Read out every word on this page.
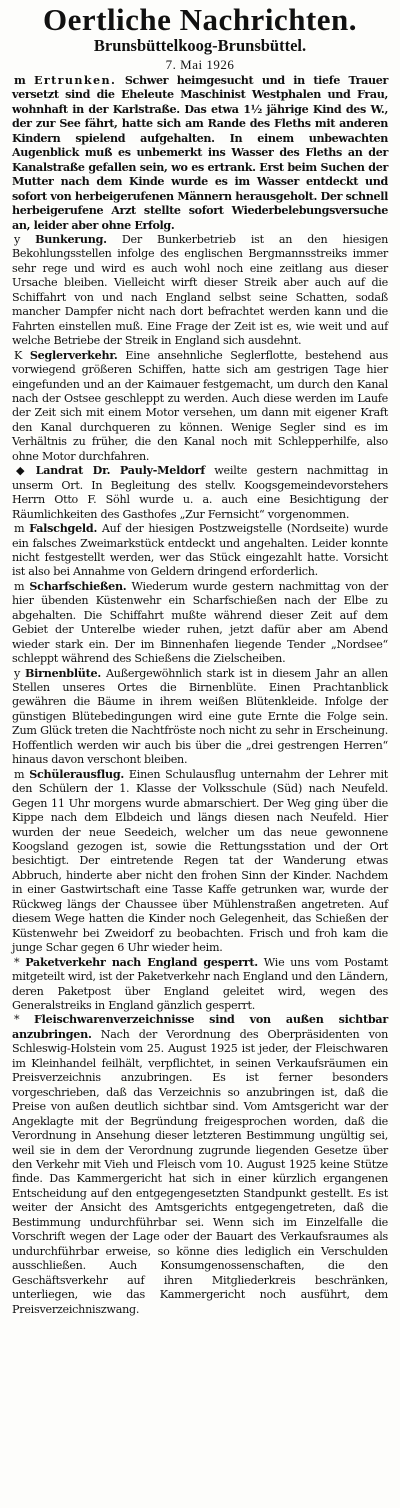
Oertliche Nachrichten.
Brunsbüttelkoog-Brunsbüttel.
7. Mai 1926

m Ertrunken. Schwer heimgesucht und in tiefe Trauer versetzt sind die Eheleute Maschinist Westphalen und Frau, wohnhaft in der Karlstraße. Das etwa 1½ jährige Kind des W., der zur See fährt, hatte sich am Rande des Fleths mit anderen Kindern spielend aufgehalten. In einem unbewachten Augenblick muß es unbemerkt ins Wasser des Fleths an der Kanalstraße gefallen sein, wo es ertrank. Erst beim Suchen der Mutter nach dem Kinde wurde es im Wasser entdeckt und sofort von herbeigerufenen Männern herausgeholt. Der schnell herbeigerufene Arzt stellte sofort Wiederbelebungsversuche an, leider aber ohne Erfolg.

y Bunkerung. Der Bunkerbetrieb ist an den hiesigen Bekohlungsstellen infolge des englischen Bergmannsstreiks immer sehr rege und wird es auch wohl noch eine zeitlang aus dieser Ursache bleiben. Vielleicht wirft dieser Streik aber auch auf die Schiffahrt von und nach England selbst seine Schatten, sodaß mancher Dampfer nicht nach dort befrachtet werden kann und die Fahrten einstellen muß. Eine Frage der Zeit ist es, wie weit und auf welche Betriebe der Streik in England sich ausdehnt.

K Seglerverkehr. Eine ansehnliche Seglerflotte, bestehend aus vorwiegend größeren Schiffen, hatte sich am gestrigen Tage hier eingefunden und an der Kaimauer festgemacht, um durch den Kanal nach der Ostsee geschleppt zu werden. Auch diese werden im Laufe der Zeit sich mit einem Motor versehen, um dann mit eigener Kraft den Kanal durchqueren zu können. Wenige Segler sind es im Verhältnis zu früher, die den Kanal noch mit Schlepperhilfe, also ohne Motor durchfahren.

◆ Landrat Dr. Pauly-Meldorf weilte gestern nachmittag in unserm Ort. In Begleitung des stellv. Koogsgemeindevorstehers Herrn Otto F. Söhl wurde u. a. auch eine Besichtigung der Räumlichkeiten des Gasthofes „Zur Fernsicht“ vorgenommen.

m Falschgeld. Auf der hiesigen Postzweigstelle (Nordseite) wurde ein falsches Zweimarkstück entdeckt und angehalten. Leider konnte nicht festgestellt werden, wer das Stück eingezahlt hatte. Vorsicht ist also bei Annahme von Geldern dringend erforderlich.

m Scharfschießen. Wiederum wurde gestern nachmittag von der hier übenden Küstenwehr ein Scharfschießen nach der Elbe zu abgehalten. Die Schiffahrt mußte während dieser Zeit auf dem Gebiet der Unterelbe wieder ruhen, jetzt dafür aber am Abend wieder stark ein. Der im Binnenhafen liegende Tender „Nordsee“ schleppt während des Schießens die Zielscheiben.

y Birnenblüte. Außergewöhnlich stark ist in diesem Jahr an allen Stellen unseres Ortes die Birnenblüte. Einen Prachtanblick gewähren die Bäume in ihrem weißen Blütenkleide. Infolge der günstigen Blütebedingungen wird eine gute Ernte die Folge sein. Zum Glück treten die Nachtfröste noch nicht zu sehr in Erscheinung. Hoffentlich werden wir auch bis über die „drei gestrengen Herren“ hinaus davon verschont bleiben.

m Schülerausflug. Einen Schulausflug unternahm der Lehrer mit den Schülern der 1. Klasse der Volksschule (Süd) nach Neufeld. Gegen 11 Uhr morgens wurde abmarschiert. Der Weg ging über die Kippe nach dem Elbdeich und längs diesen nach Neufeld. Hier wurden der neue Seedeich, welcher um das neue gewonnene Koogsland gezogen ist, sowie die Rettungsstation und der Ort besichtigt. Der eintretende Regen tat der Wanderung etwas Abbruch, hinderte aber nicht den frohen Sinn der Kinder. Nachdem in einer Gastwirtschaft eine Tasse Kaffe getrunken war, wurde der Rückweg längs der Chaussee über Mühlenstraßen angetreten. Auf diesem Wege hatten die Kinder noch Gelegenheit, das Schießen der Küstenwehr bei Zweidorf zu beobachten. Frisch und froh kam die junge Schar gegen 6 Uhr wieder heim.

* Paketverkehr nach England gesperrt. Wie uns vom Postamt mitgeteilt wird, ist der Paketverkehr nach England und den Ländern, deren Paketpost über England geleitet wird, wegen des Generalstreiks in England gänzlich gesperrt.

* Fleischwarenverzeichnisse sind von außen sichtbar anzubringen. Nach der Verordnung des Oberpräsidenten von Schleswig-Holstein vom 25. August 1925 ist jeder, der Fleischwaren im Kleinhandel feilhält, verpflichtet, in seinen Verkaufsräumen ein Preisverzeichnis anzubringen. Es ist ferner besonders vorgeschrieben, daß das Verzeichnis so anzubringen ist, daß die Preise von außen deutlich sichtbar sind. Vom Amtsgericht war der Angeklagte mit der Begründung freigesprochen worden, daß die Verordnung in Ansehung dieser letzteren Bestimmung ungültig sei, weil sie in dem der Verordnung zugrunde liegenden Gesetze über den Verkehr mit Vieh und Fleisch vom 10. August 1925 keine Stütze finde. Das Kammergericht hat sich in einer kürzlich ergangenen Entscheidung auf den entgegengesetzten Standpunkt gestellt. Es ist weiter der Ansicht des Amtsgerichts entgegengetreten, daß die Bestimmung undurchführbar sei. Wenn sich im Einzelfalle die Vorschrift wegen der Lage oder der Bauart des Verkaufsraumes als undurchführbar erweise, so könne dies lediglich ein Verschulden ausschließen. Auch Konsumgenossenschaften, die den Geschäftsverkehr auf ihren Mitgliederkreis beschränken, unterliegen, wie das Kammergericht noch ausführt, dem Preisverzeichniszwang.
